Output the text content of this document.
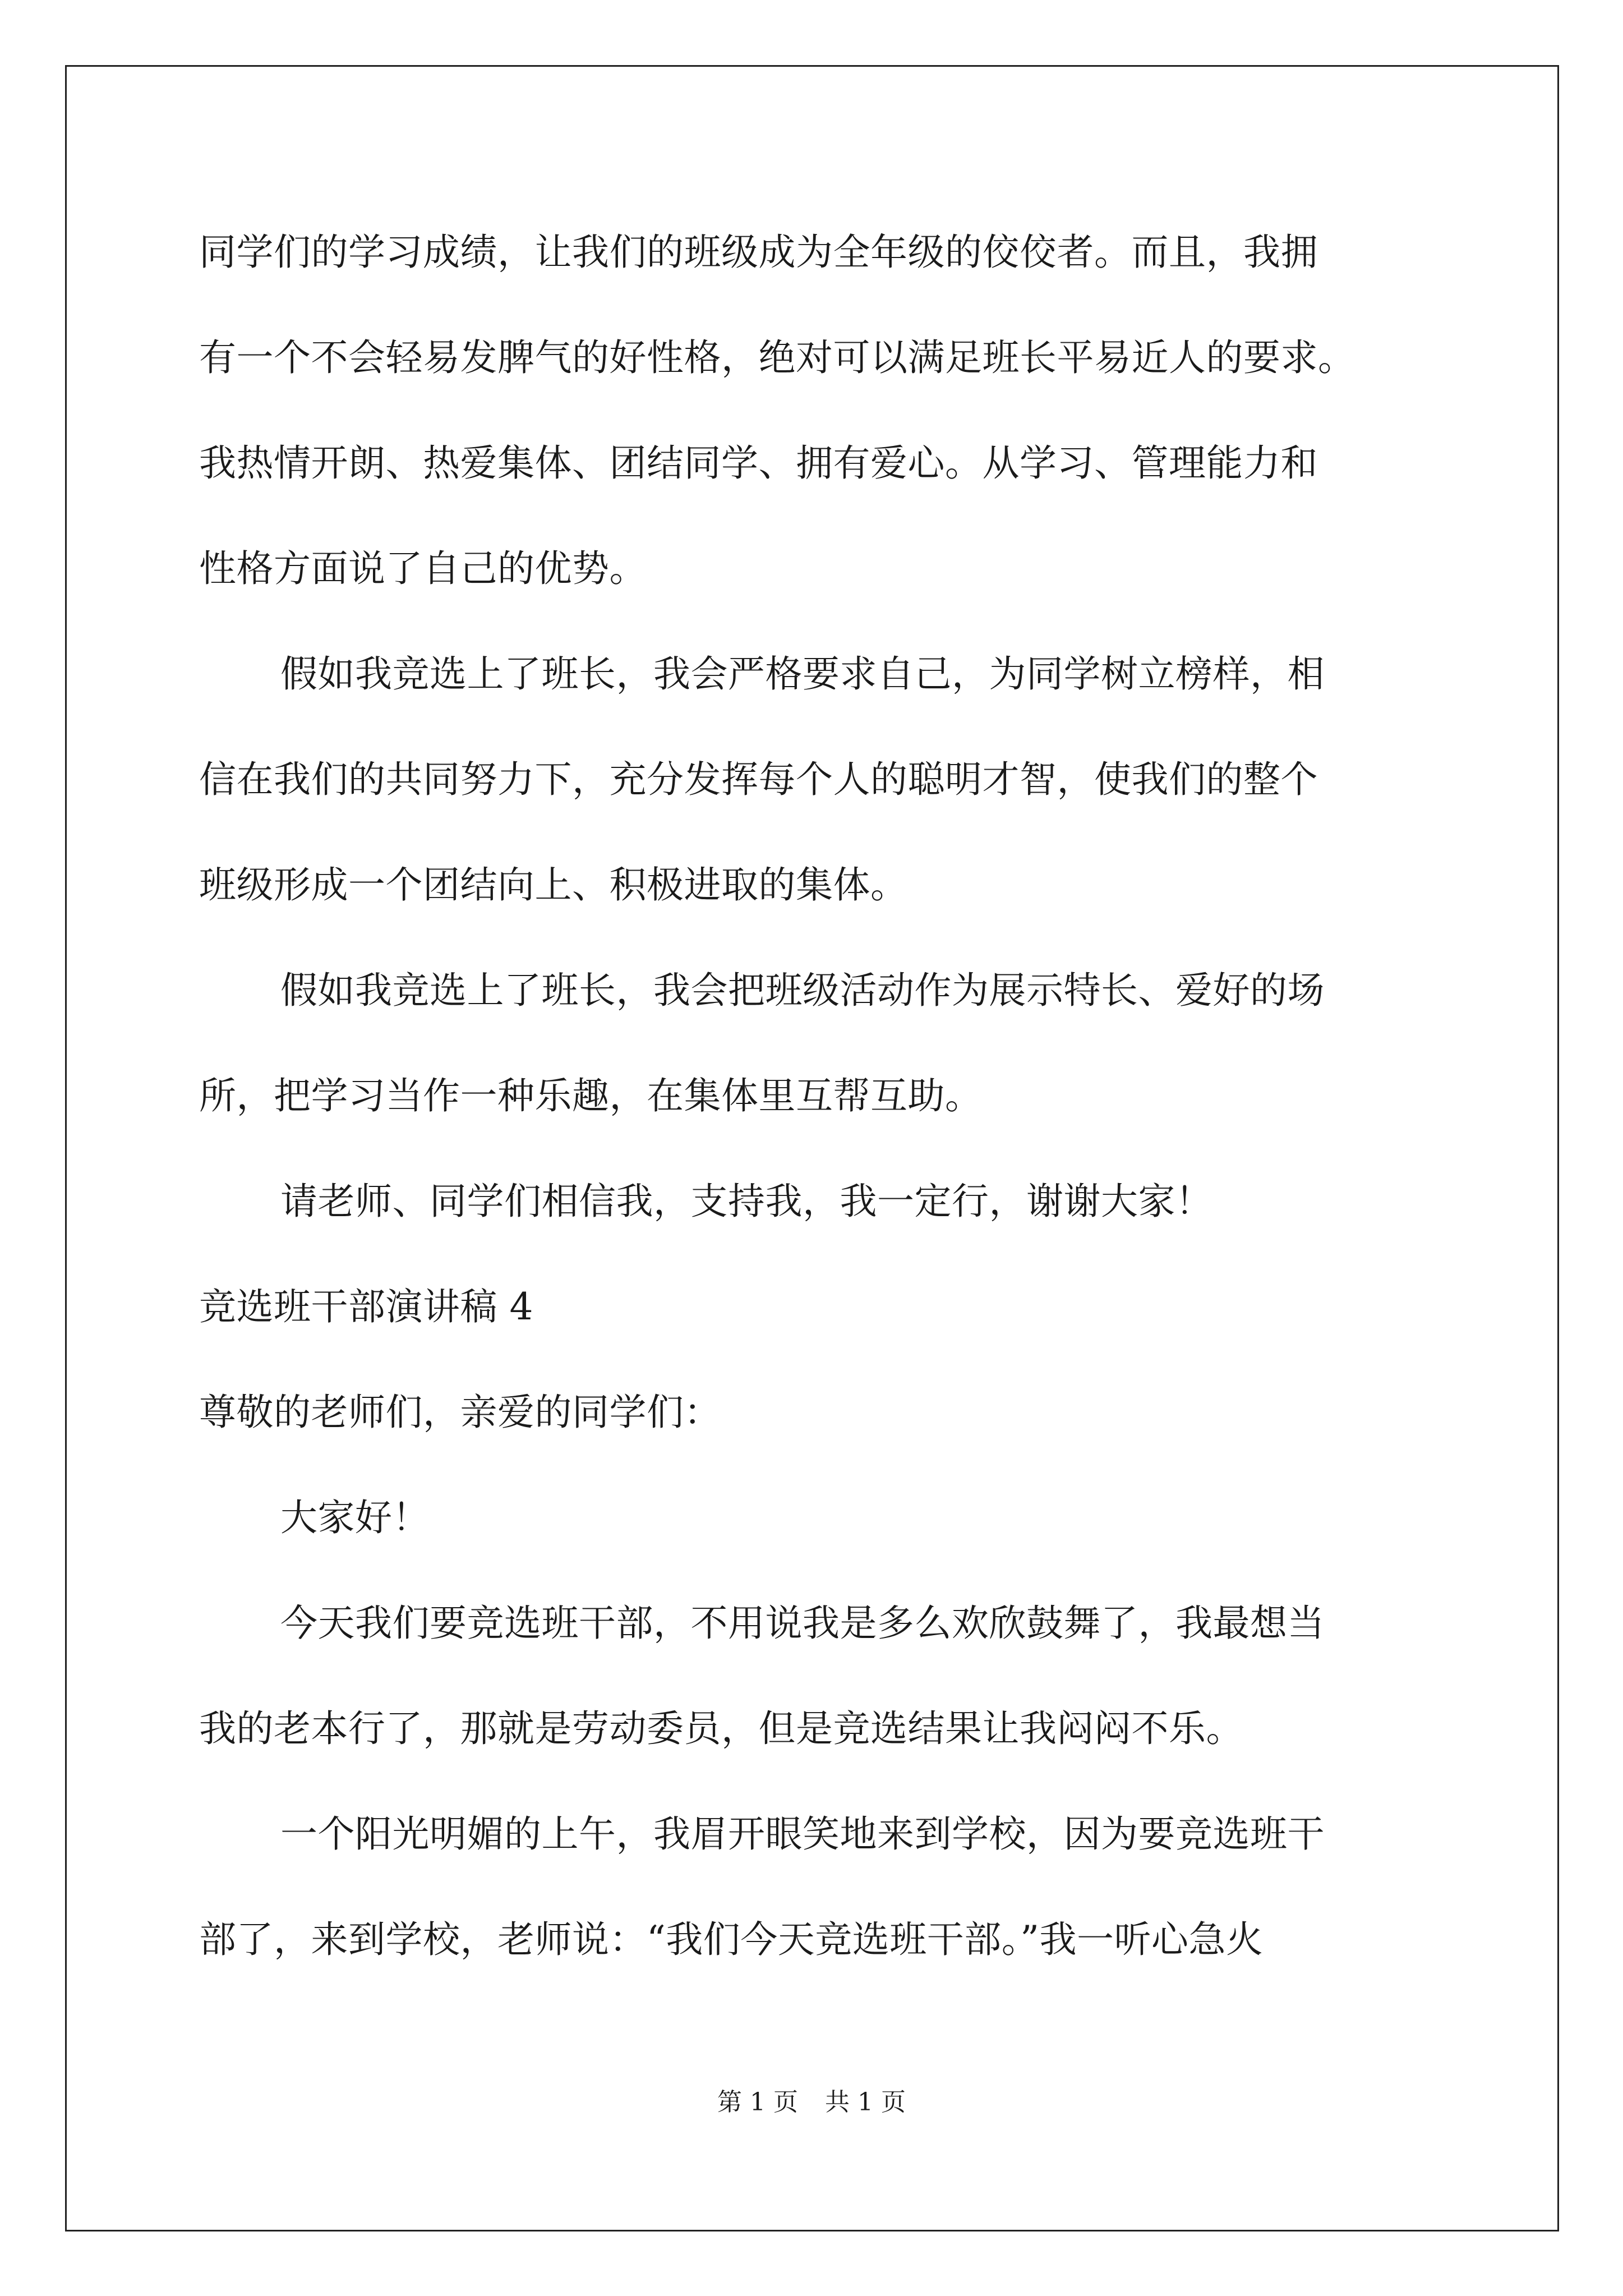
同学们的学习成绩，让我们的班级成为全年级的佼佼者。而且，我拥
有一个不会轻易发脾气的好性格，绝对可以满足班长平易近人的要求。
我热情开朗、热爱集体、团结同学、拥有爱心。从学习、管理能力和
性格方面说了自己的优势。
假如我竞选上了班长，我会严格要求自己，为同学树立榜样，相
信在我们的共同努力下，充分发挥每个人的聪明才智，使我们的整个
班级形成一个团结向上、积极进取的集体。
假如我竞选上了班长，我会把班级活动作为展示特长、爱好的场
所，把学习当作一种乐趣，在集体里互帮互助。
请老师、同学们相信我，支持我，我一定行，谢谢大家！
竞选班干部演讲稿 4
尊敬的老师们，亲爱的同学们：
大家好！
今天我们要竞选班干部，不用说我是多么欢欣鼓舞了，我最想当
我的老本行了，那就是劳动委员，但是竞选结果让我闷闷不乐。
一个阳光明媚的上午，我眉开眼笑地来到学校，因为要竞选班干
部了，来到学校，老师说：“我们今天竞选班干部。”我一听心急火
第 1 页 共 1 页
